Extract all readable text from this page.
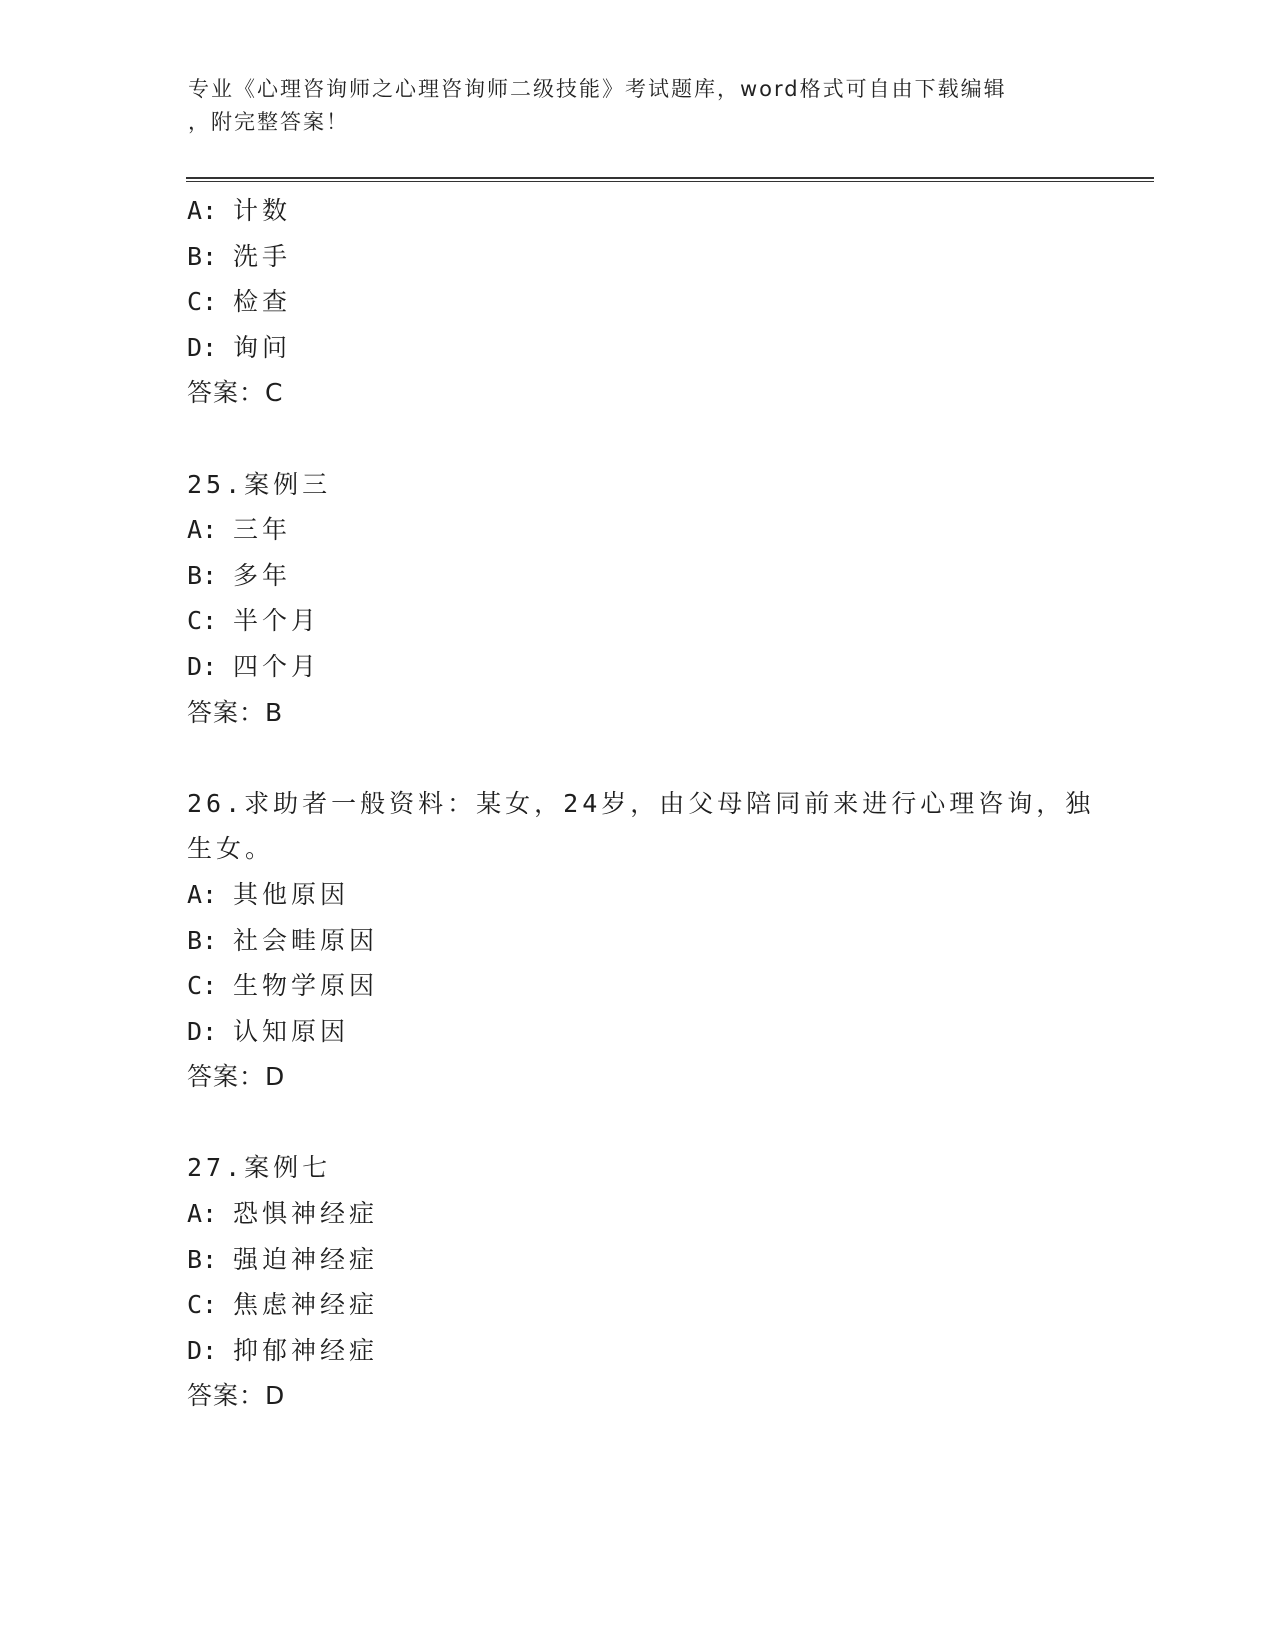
专业《心理咨询师之心理咨询师二级技能》考试题库，word格式可自由下载编辑
，附完整答案！
A: 计数
B: 洗手
C: 检查
D: 询问
答案：C
25.案例三
A: 三年
B: 多年
C: 半个月
D: 四个月
答案：B
26.求助者一般资料：某女，24岁，由父母陪同前来进行心理咨询，独
生女。
A: 其他原因
B: 社会畦原因
C: 生物学原因
D: 认知原因
答案：D
27.案例七
A: 恐惧神经症
B: 强迫神经症
C: 焦虑神经症
D: 抑郁神经症
答案：D
